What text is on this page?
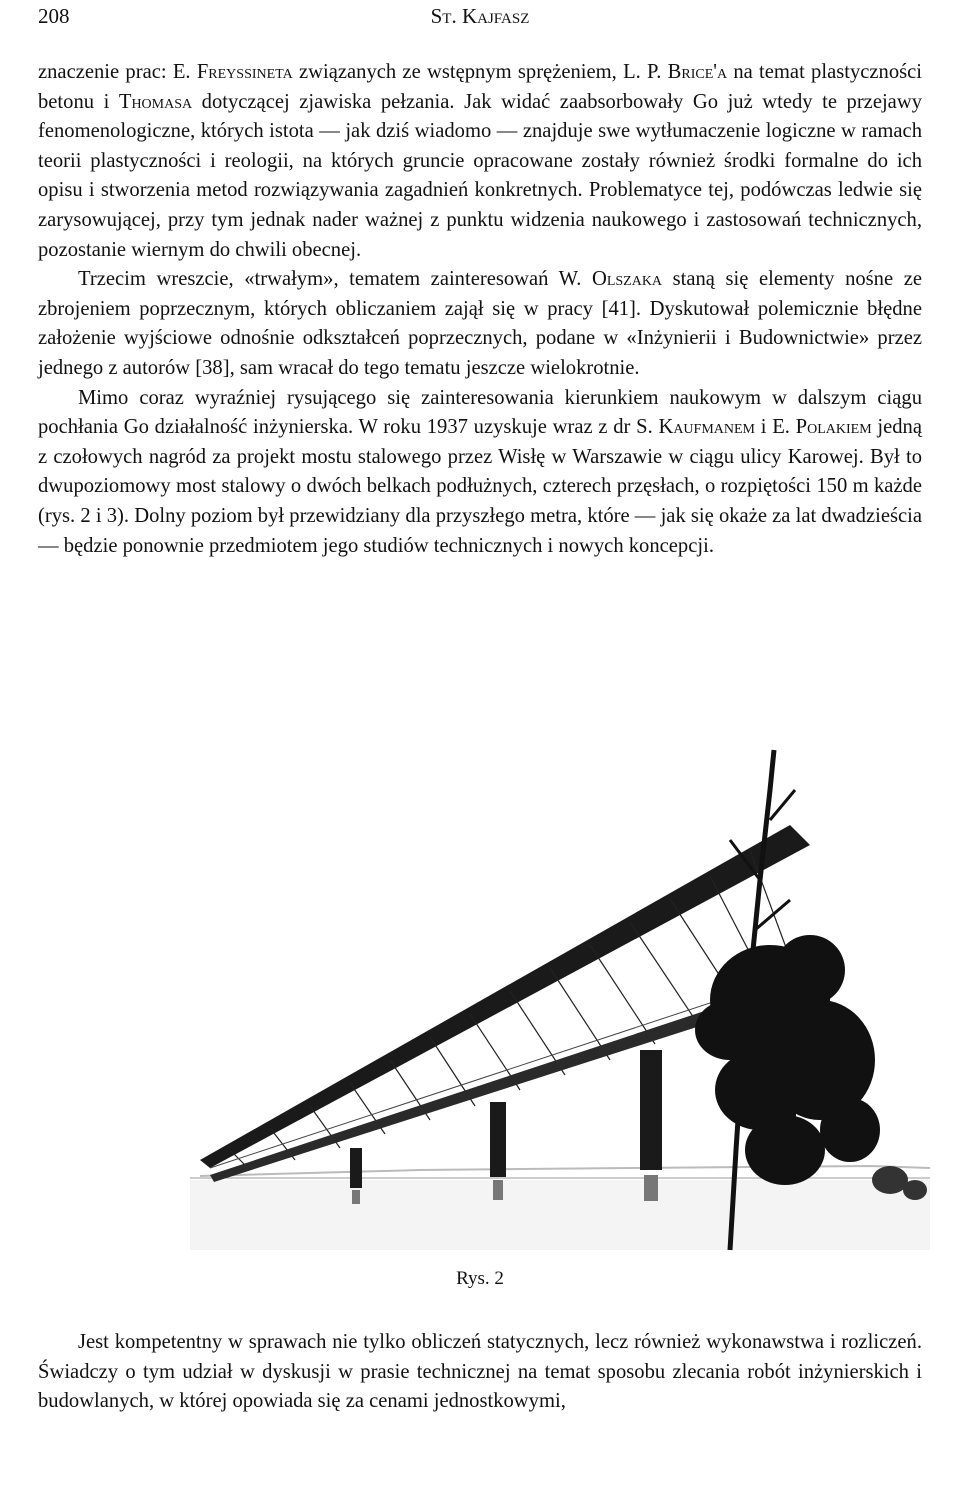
208	St. Kajfasz

znaczenie prac: E. Freyssineta związanych ze wstępnym sprężeniem, L. P. Brice'a na temat plastyczności betonu i Thomasa dotyczącej zjawiska pełzania. Jak widać zaabsorbowały Go już wtedy te przejawy fenomenologiczne, których istota — jak dziś wiadomo — znajduje swe wytłumaczenie logiczne w ramach teorii plastyczności i reologii, na których gruncie opracowane zostały również środki formalne do ich opisu i stworzenia metod rozwiązywania zagadnień konkretnych. Problematyce tej, podówczas ledwie się zarysowującej, przy tym jednak nader ważnej z punktu widzenia naukowego i zastosowań technicznych, pozostanie wiernym do chwili obecnej.

Trzecim wreszcie, «trwałym», tematem zainteresowań W. Olszaka staną się elementy nośne ze zbrojeniem poprzecznym, których obliczaniem zajął się w pracy [41]. Dyskutował polemicznie błędne założenie wyjściowe odnośnie odkształceń poprzecznych, podane w «Inżynierii i Budownictwie» przez jednego z autorów [38], sam wracał do tego tematu jeszcze wielokrotnie.

Mimo coraz wyraźniej rysującego się zainteresowania kierunkiem naukowym w dalszym ciągu pochłania Go działalność inżynierska. W roku 1937 uzyskuje wraz z dr S. Kaufmanem i E. Polakiem jedną z czołowych nagród za projekt mostu stalowego przez Wisłę w Warszawie w ciągu ulicy Karowej. Był to dwupoziomowy most stalowy o dwóch belkach podłużnych, czterech przęsłach, o rozpiętości 150 m każde (rys. 2 i 3). Dolny poziom był przewidziany dla przyszłego metra, które — jak się okaże za lat dwadzieścia — będzie ponownie przedmiotem jego studiów technicznych i nowych koncepcji.

Rys. 2

Jest kompetentny w sprawach nie tylko obliczeń statycznych, lecz również wykonawstwa i rozliczeń. Świadczy o tym udział w dyskusji w prasie technicznej na temat sposobu zlecania robót inżynierskich i budowlanych, w której opowiada się za cenami jednostkowymi,
